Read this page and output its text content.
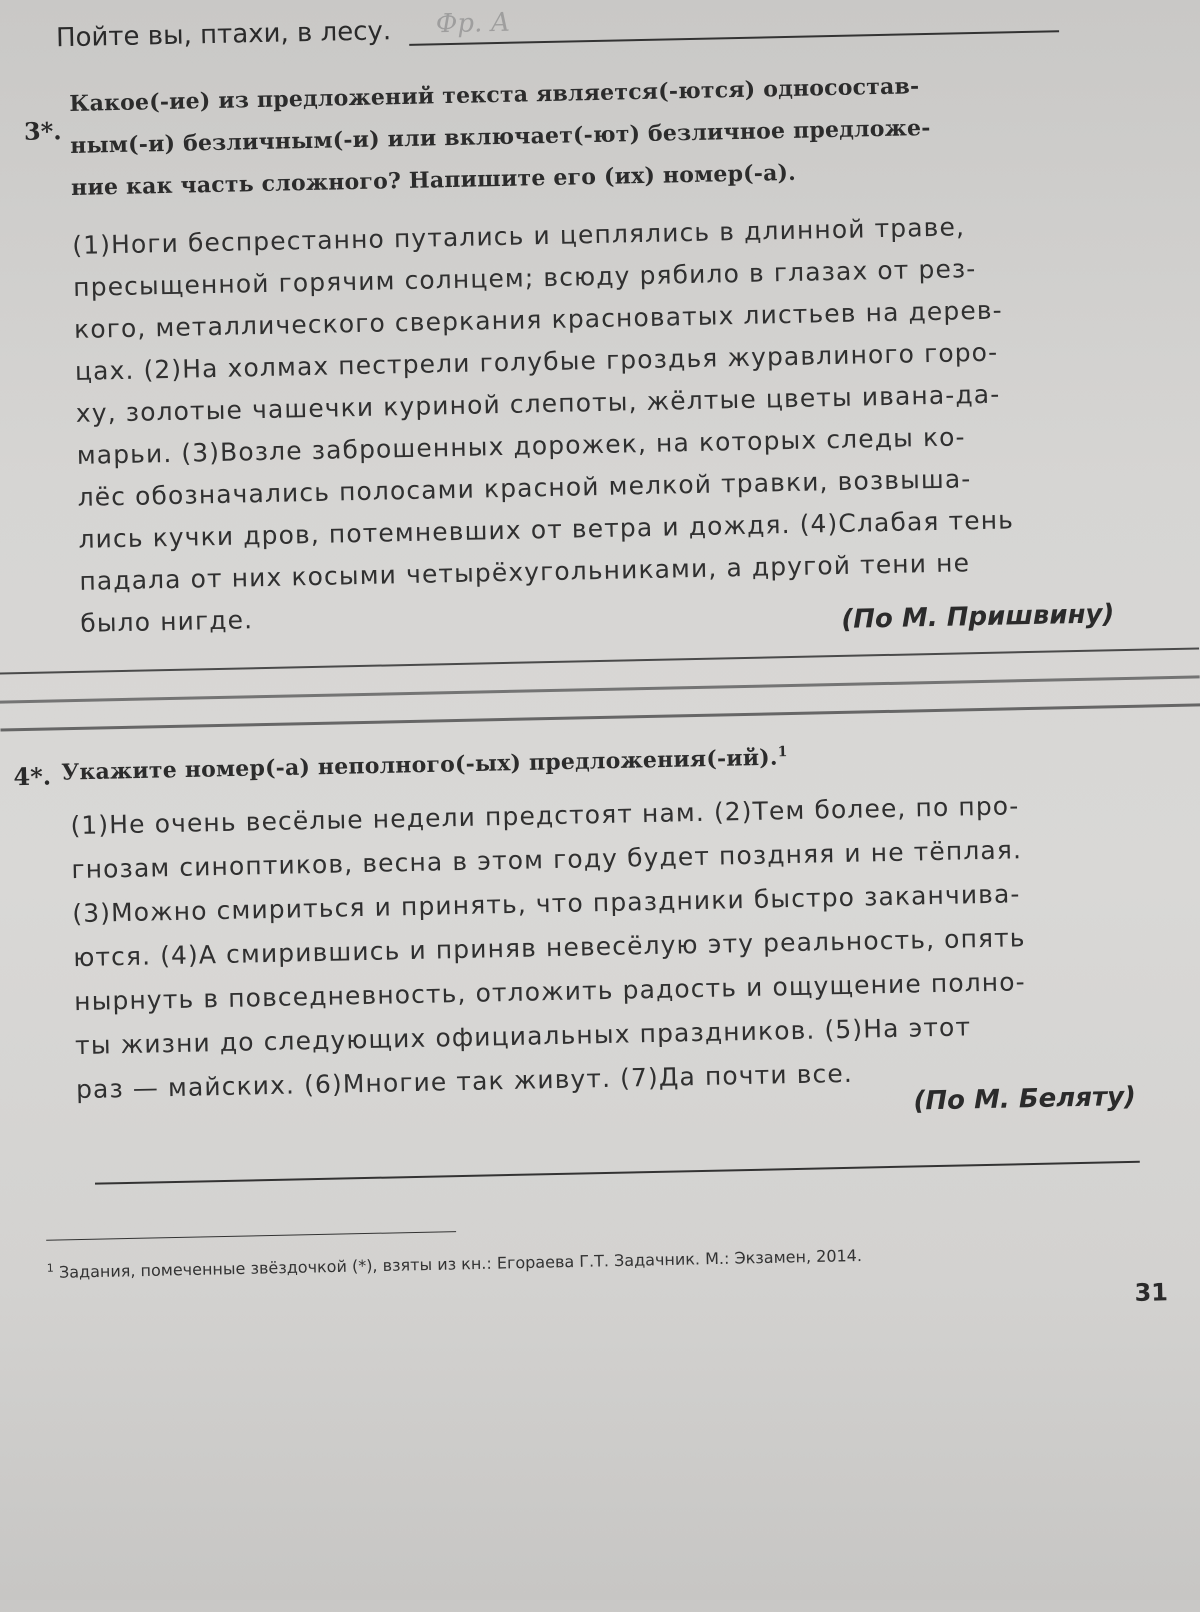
Пойте вы, птахи, в лесу.	Фр. А
3*.
Какое(-ие) из предложений текста является(-ются) односостав-
ным(-и) безличным(-и) или включает(-ют) безличное предложе-
ние как часть сложного? Напишите его (их) номер(-а).
(1)Ноги беспрестанно путались и цеплялись в длинной траве,
пресыщенной горячим солнцем; всюду рябило в глазах от рез-
кого, металлического сверкания красноватых листьев на дерев-
цах. (2)На холмах пестрели голубые гроздья журавлиного горо-
ху, золотые чашечки куриной слепоты, жёлтые цветы ивана-да-
марьи. (3)Возле заброшенных дорожек, на которых следы ко-
лёс обозначались полосами красной мелкой травки, возвыша-
лись кучки дров, потемневших от ветра и дождя. (4)Слабая тень
падала от них косыми четырёхугольниками, а другой тени не
было нигде.	(По М. Пришвину)
4*. Укажите номер(-а) неполного(-ых) предложения(-ий).$^1$
(1)Не очень весёлые недели предстоят нам. (2)Тем более, по про-
гнозам синоптиков, весна в этом году будет поздняя и не тёплая.
(3)Можно смириться и принять, что праздники быстро заканчива-
ются. (4)А смирившись и приняв невесёлую эту реальность, опять
нырнуть в повседневность, отложить радость и ощущение полно-
ты жизни до следующих официальных праздников. (5)На этот
раз — майских. (6)Многие так живут. (7)Да почти все. (По М. Беляту)
$^1$ Задания, помеченные звёздочкой (*), взяты из кн.: Егораева Г.Т. Задачник. М.: Экзамен, 2014.
31
